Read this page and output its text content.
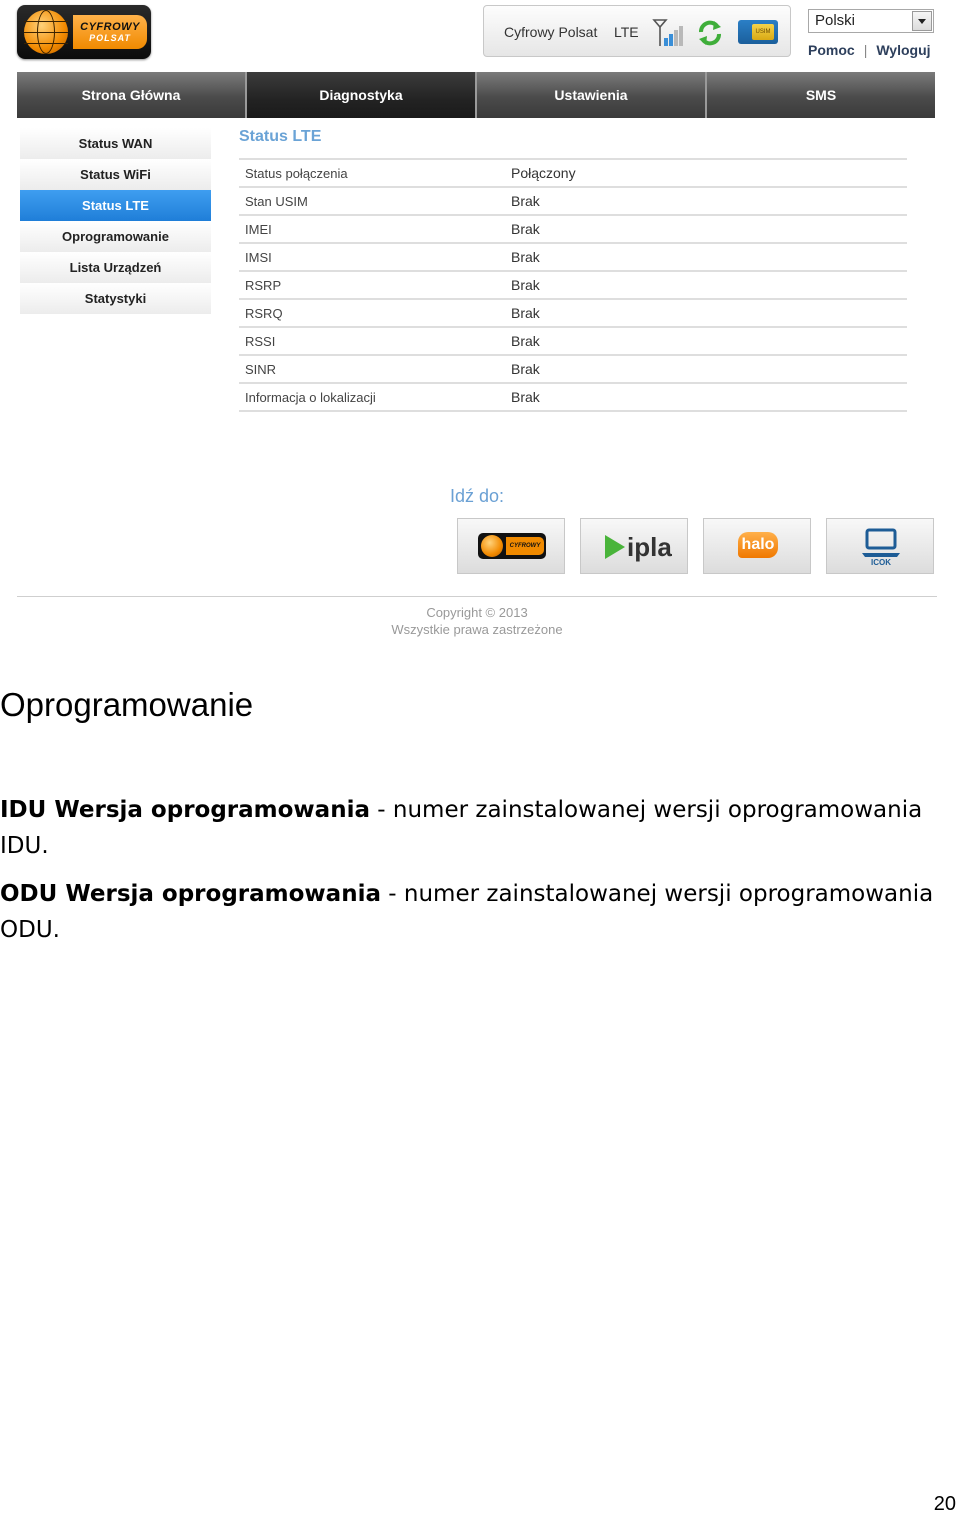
CYFROWY
POLSAT	Cyfrowy Polsat LTE	USIM
Polski
Pomoc | Wyloguj
Strona Główna	Diagnostyka	Ustawienia	SMS
Status WAN
Status WiFi
Status LTE
Oprogramowanie
Lista Urządzeń
Statystyki
Status LTE
Status połączenia	Połączony
Stan USIM	Brak
IMEI	Brak
IMSI	Brak
RSRP	Brak
RSRQ	Brak
RSSI	Brak
SINR	Brak
Informacja o lokalizacji	Brak
Idź do:
CYFROWY	ipla	halo
ICOK
Copyright © 2013
Wszystkie prawa zastrzeżone
Oprogramowanie

IDU Wersja oprogramowania - numer zainstalowanej wersji oprogramowania IDU.

ODU Wersja oprogramowania - numer zainstalowanej wersji oprogramowania ODU.

20
